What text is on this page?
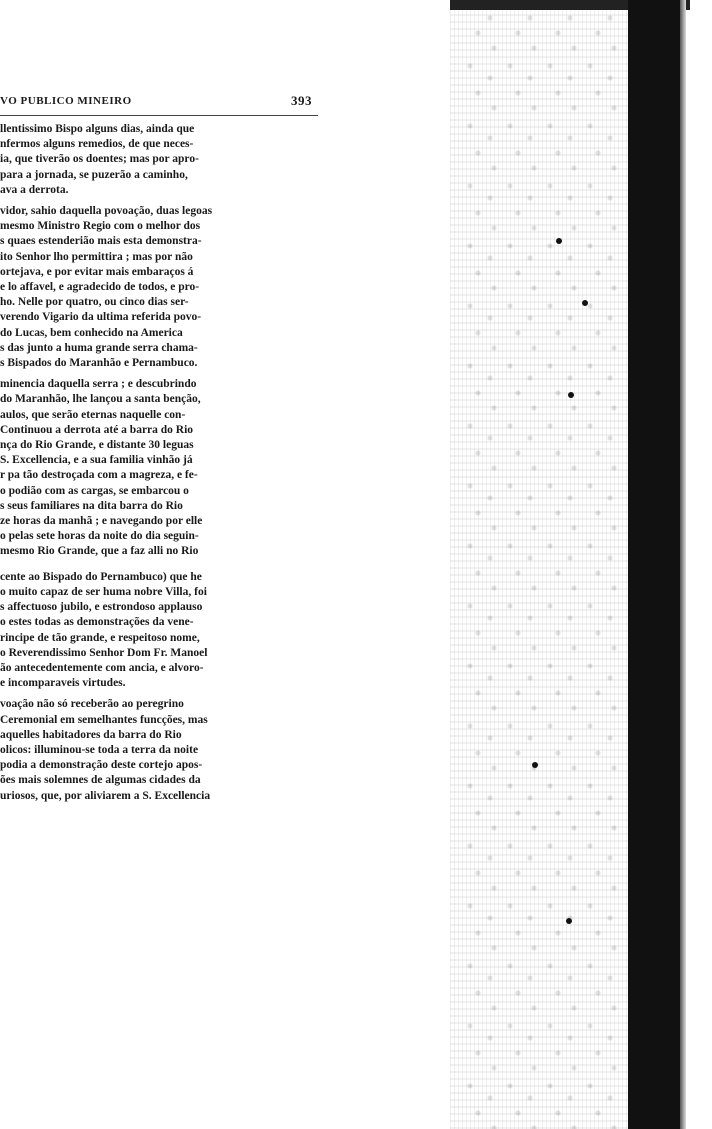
VO PUBLICO MINEIRO	393
llentissimo Bispo alguns dias, ainda que
nfermos alguns remedios, de que neces-
ia, que tiverão os doentes; mas por apro-
para a jornada, se puzerão a caminho,
ava a derrota.
vidor, sahio daquella povoação, duas legoas
mesmo Ministro Regio com o melhor dos
s quaes estenderião mais esta demonstra-
ito Senhor lho permittira ; mas por não
ortejava, e por evitar mais embaraços á
e lo affavel, e agradecido de todos, e pro-
ho. Nelle por quatro, ou cinco dias ser-
verendo Vigario da ultima referida povo-
do Lucas, bem conhecido na America
s das junto a huma grande serra chama-
s Bispados do Maranhão e Pernambuco.
minencia daquella serra ; e descubrindo
do Maranhão, lhe lançou a santa benção,
aulos, que serão eternas naquelle con-
Continuou a derrota até a barra do Rio
nça do Rio Grande, e distante 30 leguas
S. Excellencia, e a sua familia vinhão já
r pa tão destroçada com a magreza, e fe-
o podião com as cargas, se embarcou o
s seus familiares na dita barra do Rio
ze horas da manhã ; e navegando por elle
o pelas sete horas da noite do dia seguin-
mesmo Rio Grande, que a faz alli no Rio
cente ao Bispado do Pernambuco) que he
o muito capaz de ser huma nobre Villa, foi
s affectuoso jubilo, e estrondoso applauso
o estes todas as demonstrações da vene-
rincipe de tão grande, e respeitoso nome,
o Reverendissimo Senhor Dom Fr. Manoel
ão antecedentemente com ancia, e alvoro-
e incomparaveis virtudes.
voação não só receberão ao peregrino
Ceremonial em semelhantes funcções, mas
aquelles habitadores da barra do Rio
olicos: illuminou-se toda a terra da noite
podia a demonstração deste cortejo apos-
ões mais solemnes de algumas cidades da
uriosos, que, por aliviarem a S. Excellencia
